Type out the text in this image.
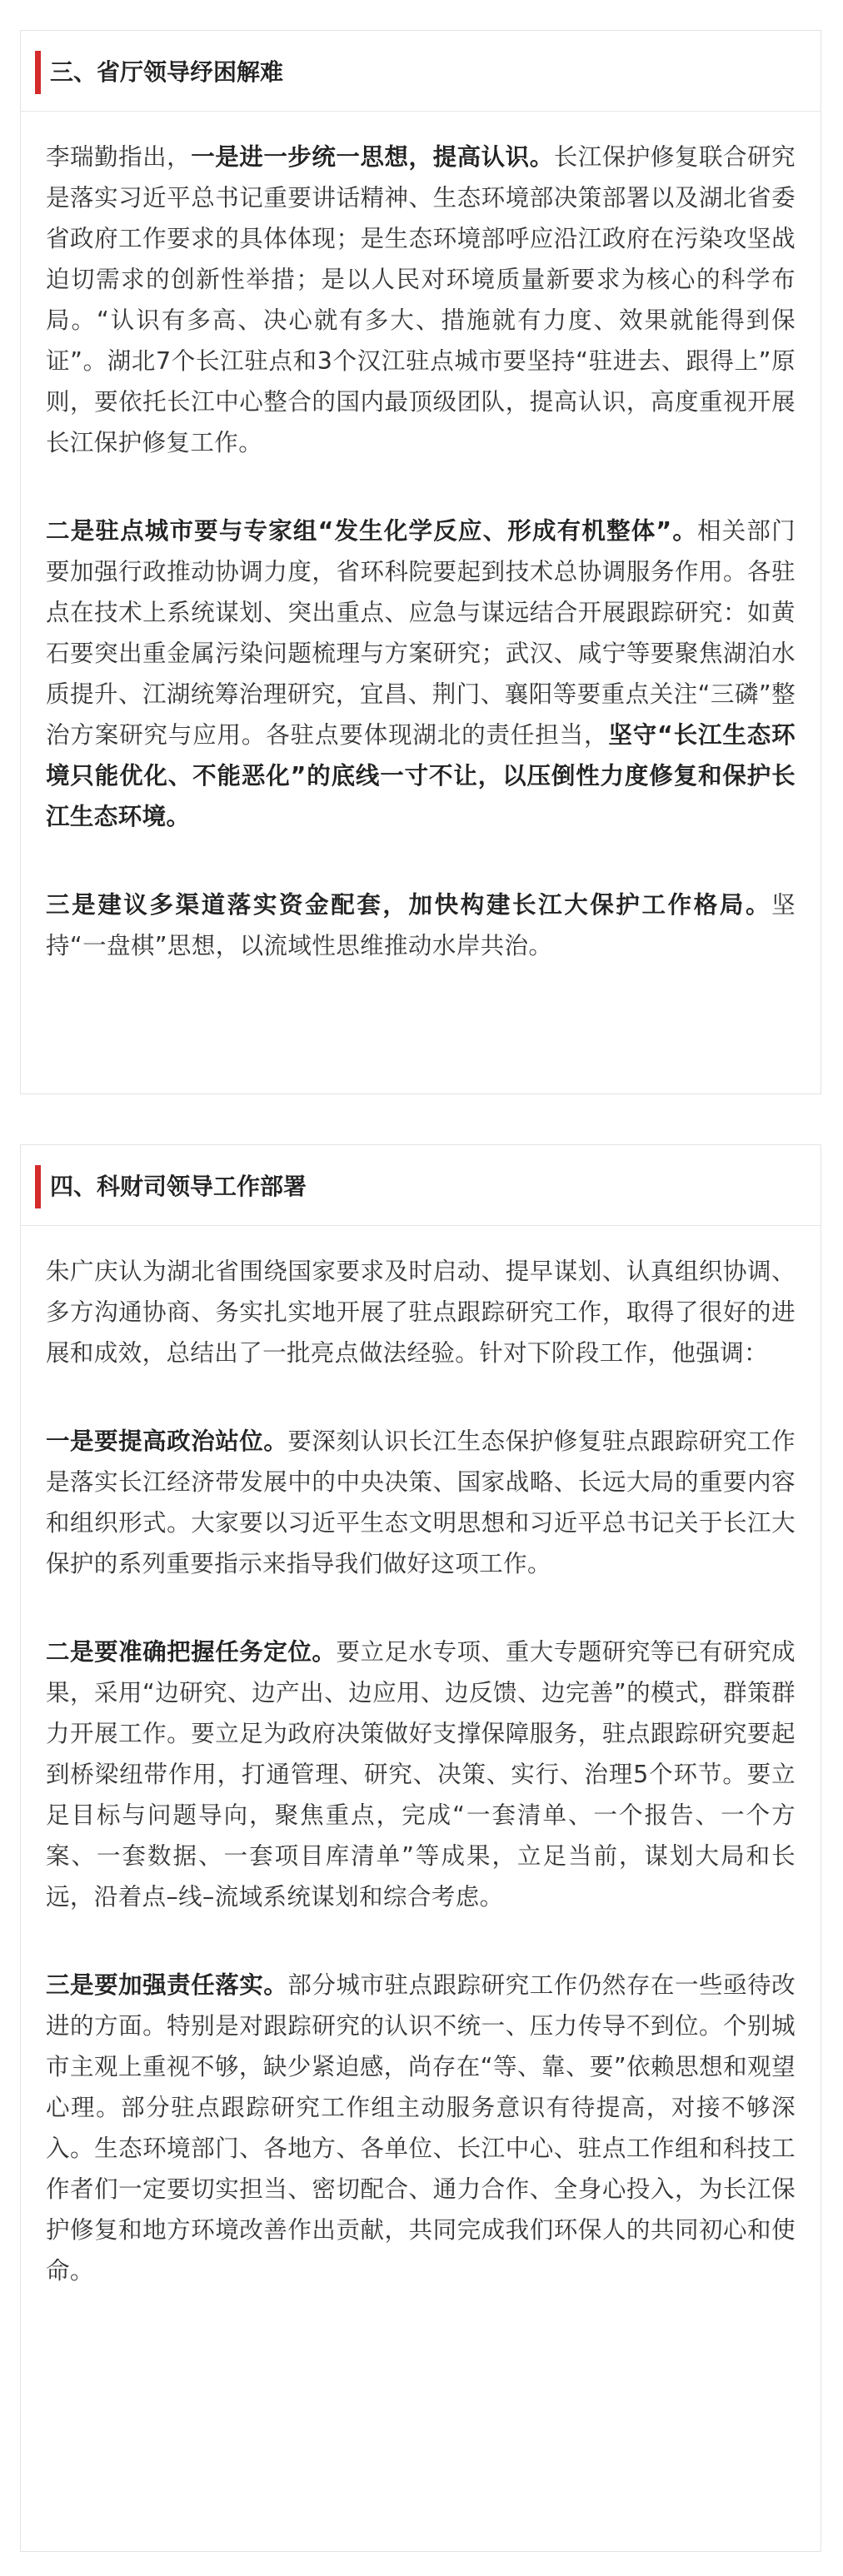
三、省厅领导纾困解难

李瑞勤指出，一是进一步统一思想，提高认识。长江保护修复联合研究是落实习近平总书记重要讲话精神、生态环境部决策部署以及湖北省委省政府工作要求的具体体现；是生态环境部呼应沿江政府在污染攻坚战迫切需求的创新性举措；是以人民对环境质量新要求为核心的科学布局。“认识有多高、决心就有多大、措施就有力度、效果就能得到保证”。湖北7个长江驻点和3个汉江驻点城市要坚持“驻进去、跟得上”原则，要依托长江中心整合的国内最顶级团队，提高认识，高度重视开展长江保护修复工作。

二是驻点城市要与专家组“发生化学反应、形成有机整体”。相关部门要加强行政推动协调力度，省环科院要起到技术总协调服务作用。各驻点在技术上系统谋划、突出重点、应急与谋远结合开展跟踪研究：如黄石要突出重金属污染问题梳理与方案研究；武汉、咸宁等要聚焦湖泊水质提升、江湖统筹治理研究，宜昌、荆门、襄阳等要重点关注“三磷”整治方案研究与应用。各驻点要体现湖北的责任担当，坚守“长江生态环境只能优化、不能恶化”的底线一寸不让，以压倒性力度修复和保护长江生态环境。

三是建议多渠道落实资金配套，加快构建长江大保护工作格局。坚持“一盘棋”思想，以流域性思维推动水岸共治。

四、科财司领导工作部署

朱广庆认为湖北省围绕国家要求及时启动、提早谋划、认真组织协调、多方沟通协商、务实扎实地开展了驻点跟踪研究工作，取得了很好的进展和成效，总结出了一批亮点做法经验。针对下阶段工作，他强调：

一是要提高政治站位。要深刻认识长江生态保护修复驻点跟踪研究工作是落实长江经济带发展中的中央决策、国家战略、长远大局的重要内容和组织形式。大家要以习近平生态文明思想和习近平总书记关于长江大保护的系列重要指示来指导我们做好这项工作。

二是要准确把握任务定位。要立足水专项、重大专题研究等已有研究成果，采用“边研究、边产出、边应用、边反馈、边完善”的模式，群策群力开展工作。要立足为政府决策做好支撑保障服务，驻点跟踪研究要起到桥梁纽带作用，打通管理、研究、决策、实行、治理5个环节。要立足目标与问题导向，聚焦重点，完成“一套清单、一个报告、一个方案、一套数据、一套项目库清单”等成果，立足当前，谋划大局和长远，沿着点–线–流域系统谋划和综合考虑。

三是要加强责任落实。部分城市驻点跟踪研究工作仍然存在一些亟待改进的方面。特别是对跟踪研究的认识不统一、压力传导不到位。个别城市主观上重视不够，缺少紧迫感，尚存在“等、靠、要”依赖思想和观望心理。部分驻点跟踪研究工作组主动服务意识有待提高，对接不够深入。生态环境部门、各地方、各单位、长江中心、驻点工作组和科技工作者们一定要切实担当、密切配合、通力合作、全身心投入，为长江保护修复和地方环境改善作出贡献，共同完成我们环保人的共同初心和使命。
